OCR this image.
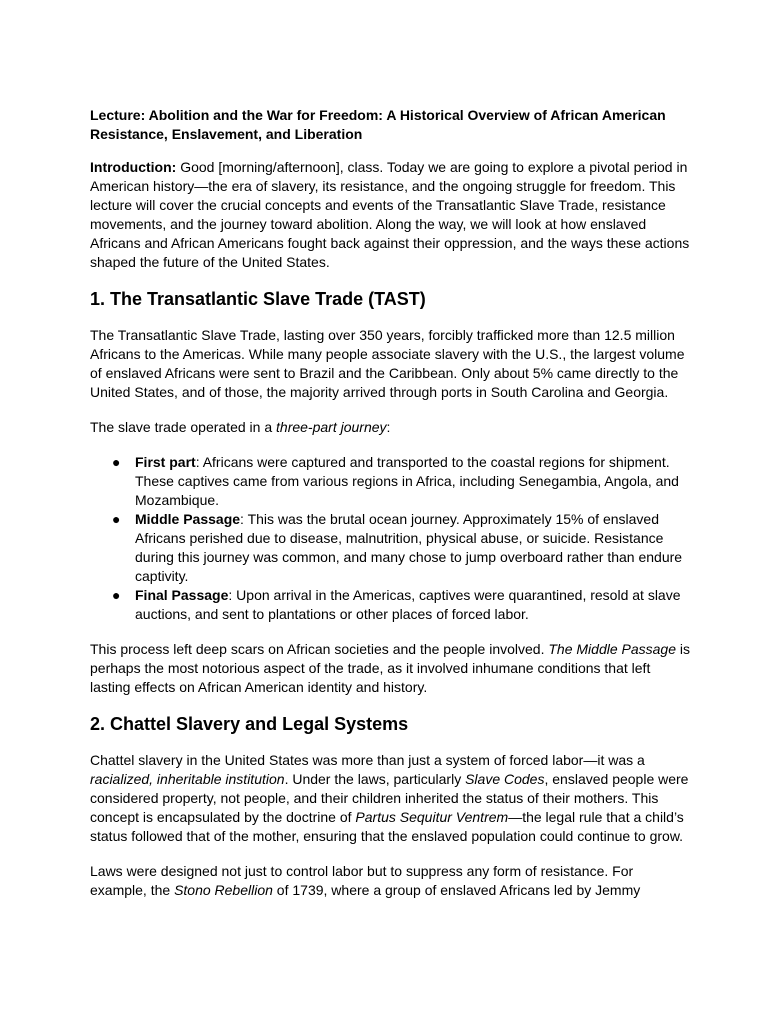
Lecture: Abolition and the War for Freedom: A Historical Overview of African American Resistance, Enslavement, and Liberation

Introduction: Good [morning/afternoon], class. Today we are going to explore a pivotal period in American history—the era of slavery, its resistance, and the ongoing struggle for freedom. This lecture will cover the crucial concepts and events of the Transatlantic Slave Trade, resistance movements, and the journey toward abolition. Along the way, we will look at how enslaved Africans and African Americans fought back against their oppression, and the ways these actions shaped the future of the United States.

1. The Transatlantic Slave Trade (TAST)

The Transatlantic Slave Trade, lasting over 350 years, forcibly trafficked more than 12.5 million Africans to the Americas. While many people associate slavery with the U.S., the largest volume of enslaved Africans were sent to Brazil and the Caribbean. Only about 5% came directly to the United States, and of those, the majority arrived through ports in South Carolina and Georgia.

The slave trade operated in a three-part journey:

● First part: Africans were captured and transported to the coastal regions for shipment. These captives came from various regions in Africa, including Senegambia, Angola, and Mozambique.
● Middle Passage: This was the brutal ocean journey. Approximately 15% of enslaved Africans perished due to disease, malnutrition, physical abuse, or suicide. Resistance during this journey was common, and many chose to jump overboard rather than endure captivity.
● Final Passage: Upon arrival in the Americas, captives were quarantined, resold at slave auctions, and sent to plantations or other places of forced labor.

This process left deep scars on African societies and the people involved. The Middle Passage is perhaps the most notorious aspect of the trade, as it involved inhumane conditions that left lasting effects on African American identity and history.

2. Chattel Slavery and Legal Systems

Chattel slavery in the United States was more than just a system of forced labor—it was a racialized, inheritable institution. Under the laws, particularly Slave Codes, enslaved people were considered property, not people, and their children inherited the status of their mothers. This concept is encapsulated by the doctrine of Partus Sequitur Ventrem—the legal rule that a child’s status followed that of the mother, ensuring that the enslaved population could continue to grow.

Laws were designed not just to control labor but to suppress any form of resistance. For example, the Stono Rebellion of 1739, where a group of enslaved Africans led by Jemmy
